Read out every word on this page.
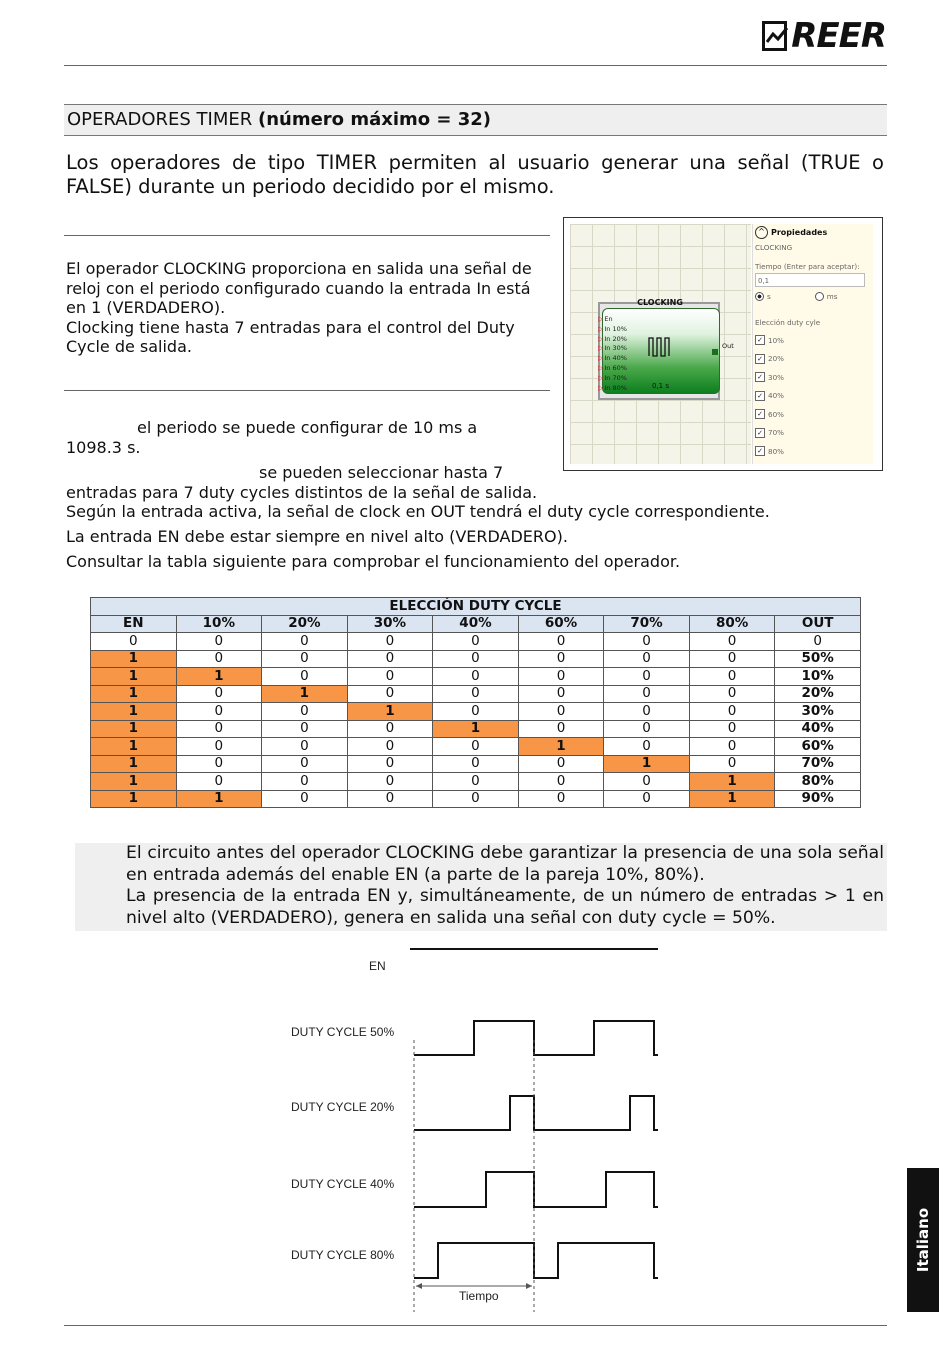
REER
OPERADORES TIMER (número máximo = 32)
Los operadores de tipo TIMER permiten al usuario generar una señal (TRUE o FALSE) durante un periodo decidido por el mismo.
El operador CLOCKING proporciona en salida una señal de reloj con el periodo configurado cuando la entrada In está en 1 (VERDADERO).
Clocking tiene hasta 7 entradas para el control del Duty Cycle de salida.
el periodo se puede configurar de 10 ms a
1098.3 s.
se pueden seleccionar hasta 7
entradas para 7 duty cycles distintos de la señal de salida.
Según la entrada activa, la señal de clock en OUT tendrá el duty cycle correspondiente.
La entrada EN debe estar siempre en nivel alto (VERDADERO).
Consultar la tabla siguiente para comprobar el funcionamiento del operador.
CLOCKING
▷ En
▷ In 10%
▷ In 20%
▷ In 30%
▷ In 40%
▷ In 60%
▷ In 70%
▷ In 80%
Out
0,1 s
^ Propiedades
CLOCKING
Tiempo (Enter para aceptar):
0,1
s	ms
Elección duty cyle
✓ 10%
✓ 20%
✓ 30%
✓ 40%
✓ 60%
✓ 70%
✓ 80%
ELECCIÓN DUTY CYCLE								
EN	10%	20%	30%	40%	60%	70%	80%	OUT
0	0	0	0	0	0	0	0	0
1	0	0	0	0	0	0	0	50%
1	1	0	0	0	0	0	0	10%
1	0	1	0	0	0	0	0	20%
1	0	0	1	0	0	0	0	30%
1	0	0	0	1	0	0	0	40%
1	0	0	0	0	1	0	0	60%
1	0	0	0	0	0	1	0	70%
1	0	0	0	0	0	0	1	80%
1	1	0	0	0	0	0	1	90%
El circuito antes del operador CLOCKING debe garantizar la presencia de una sola señal en entrada además del enable EN (a parte de la pareja 10%, 80%).
La presencia de la entrada EN y, simultáneamente, de un número de entradas > 1 en nivel alto (VERDADERO), genera en salida una señal con duty cycle = 50%.
EN
DUTY CYCLE 50%
DUTY CYCLE 20%
DUTY CYCLE 40%
DUTY CYCLE 80%
Tiempo
Italiano
